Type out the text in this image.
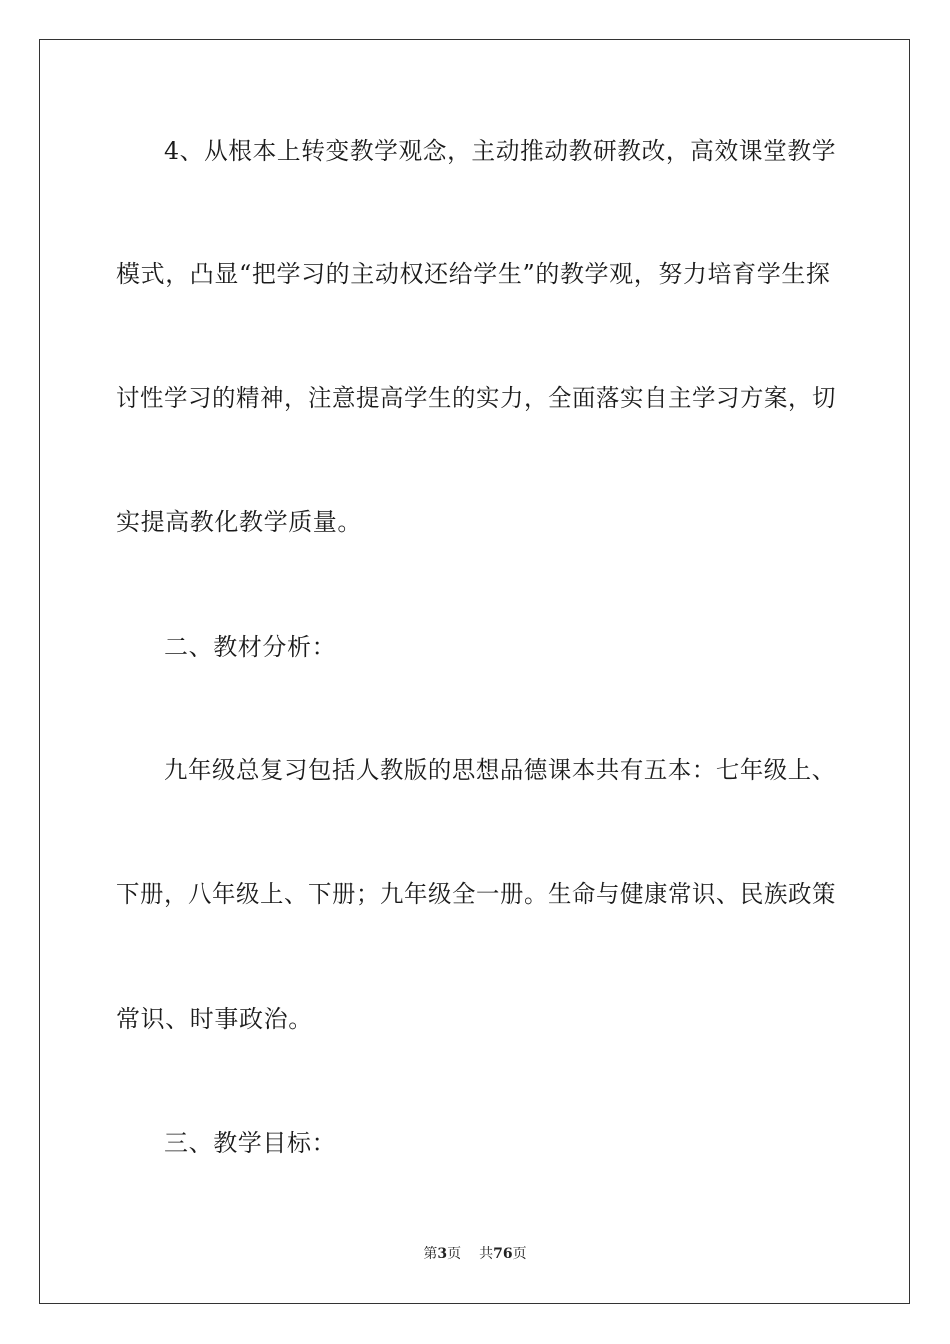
4、从根本上转变教学观念，主动推动教研教改，高效课堂教学

模式，凸显“把学习的主动权还给学生”的教学观，努力培育学生探

讨性学习的精神，注意提高学生的实力，全面落实自主学习方案，切

实提高教化教学质量。

二、教材分析：

九年级总复习包括人教版的思想品德课本共有五本：七年级上、

下册，八年级上、下册；九年级全一册。生命与健康常识、民族政策

常识、时事政治。

三、教学目标：

第3页 共76页
